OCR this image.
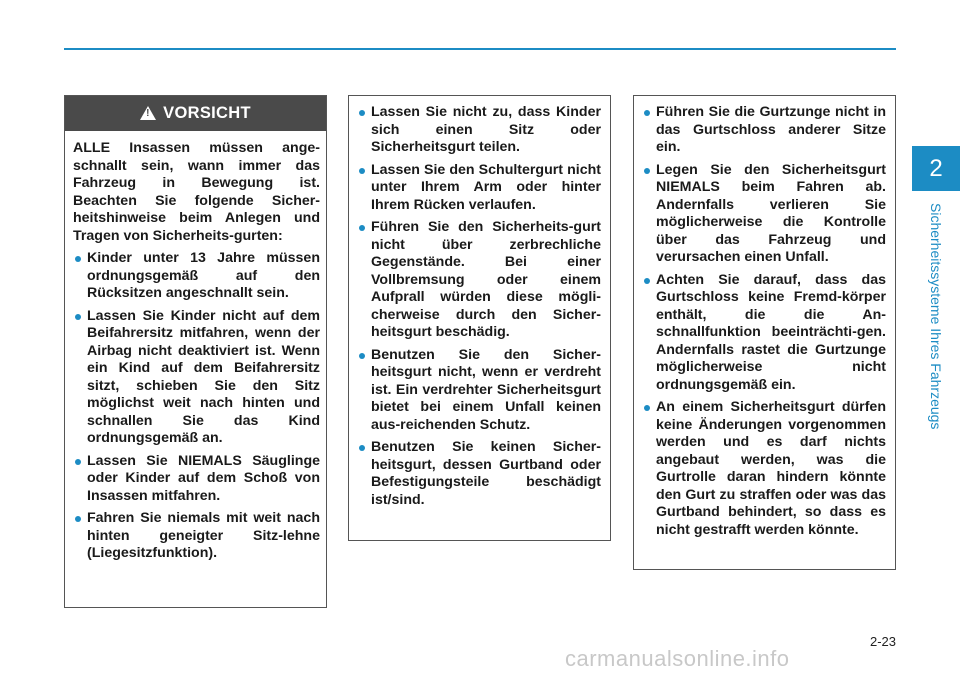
2
Sicherheitssysteme Ihres Fahrzeugs
!
VORSICHT

ALLE Insassen müssen ange-schnallt sein, wann immer das Fahrzeug in Bewegung ist. Beachten Sie folgende Sicher-heitshinweise beim Anlegen und Tragen von Sicherheits-gurten:

Kinder unter 13 Jahre müssen ordnungsgemäß auf den Rücksitzen angeschnallt sein.
Lassen Sie Kinder nicht auf dem Beifahrersitz mitfahren, wenn der Airbag nicht deaktiviert ist. Wenn ein Kind auf dem Beifahrersitz sitzt, schieben Sie den Sitz möglichst weit nach hinten und schnallen Sie das Kind ordnungsgemäß an.
Lassen Sie NIEMALS Säuglinge oder Kinder auf dem Schoß von Insassen mitfahren.
Fahren Sie niemals mit weit nach hinten geneigter Sitz-lehne (Liegesitzfunktion).
Lassen Sie nicht zu, dass Kinder sich einen Sitz oder Sicherheitsgurt teilen.
Lassen Sie den Schultergurt nicht unter Ihrem Arm oder hinter Ihrem Rücken verlaufen.
Führen Sie den Sicherheits-gurt nicht über zerbrechliche Gegenstände. Bei einer Vollbremsung oder einem Aufprall würden diese mögli-cherweise durch den Sicher-heitsgurt beschädig.
Benutzen Sie den Sicher-heitsgurt nicht, wenn er verdreht ist. Ein verdrehter Sicherheitsgurt bietet bei einem Unfall keinen aus-reichenden Schutz.
Benutzen Sie keinen Sicher-heitsgurt, dessen Gurtband oder Befestigungsteile beschädigt ist/sind.
Führen Sie die Gurtzunge nicht in das Gurtschloss anderer Sitze ein.
Legen Sie den Sicherheitsgurt NIEMALS beim Fahren ab. Andernfalls verlieren Sie möglicherweise die Kontrolle über das Fahrzeug und verursachen einen Unfall.
Achten Sie darauf, dass das Gurtschloss keine Fremd-körper enthält, die die An-schnallfunktion beeinträchti-gen. Andernfalls rastet die Gurtzunge möglicherweise nicht ordnungsgemäß ein.
An einem Sicherheitsgurt dürfen keine Änderungen vorgenommen werden und es darf nichts angebaut werden, was die Gurtrolle daran hindern könnte den Gurt zu straffen oder was das Gurtband behindert, so dass es nicht gestrafft werden könnte.
2-23
carmanualsonline.info
